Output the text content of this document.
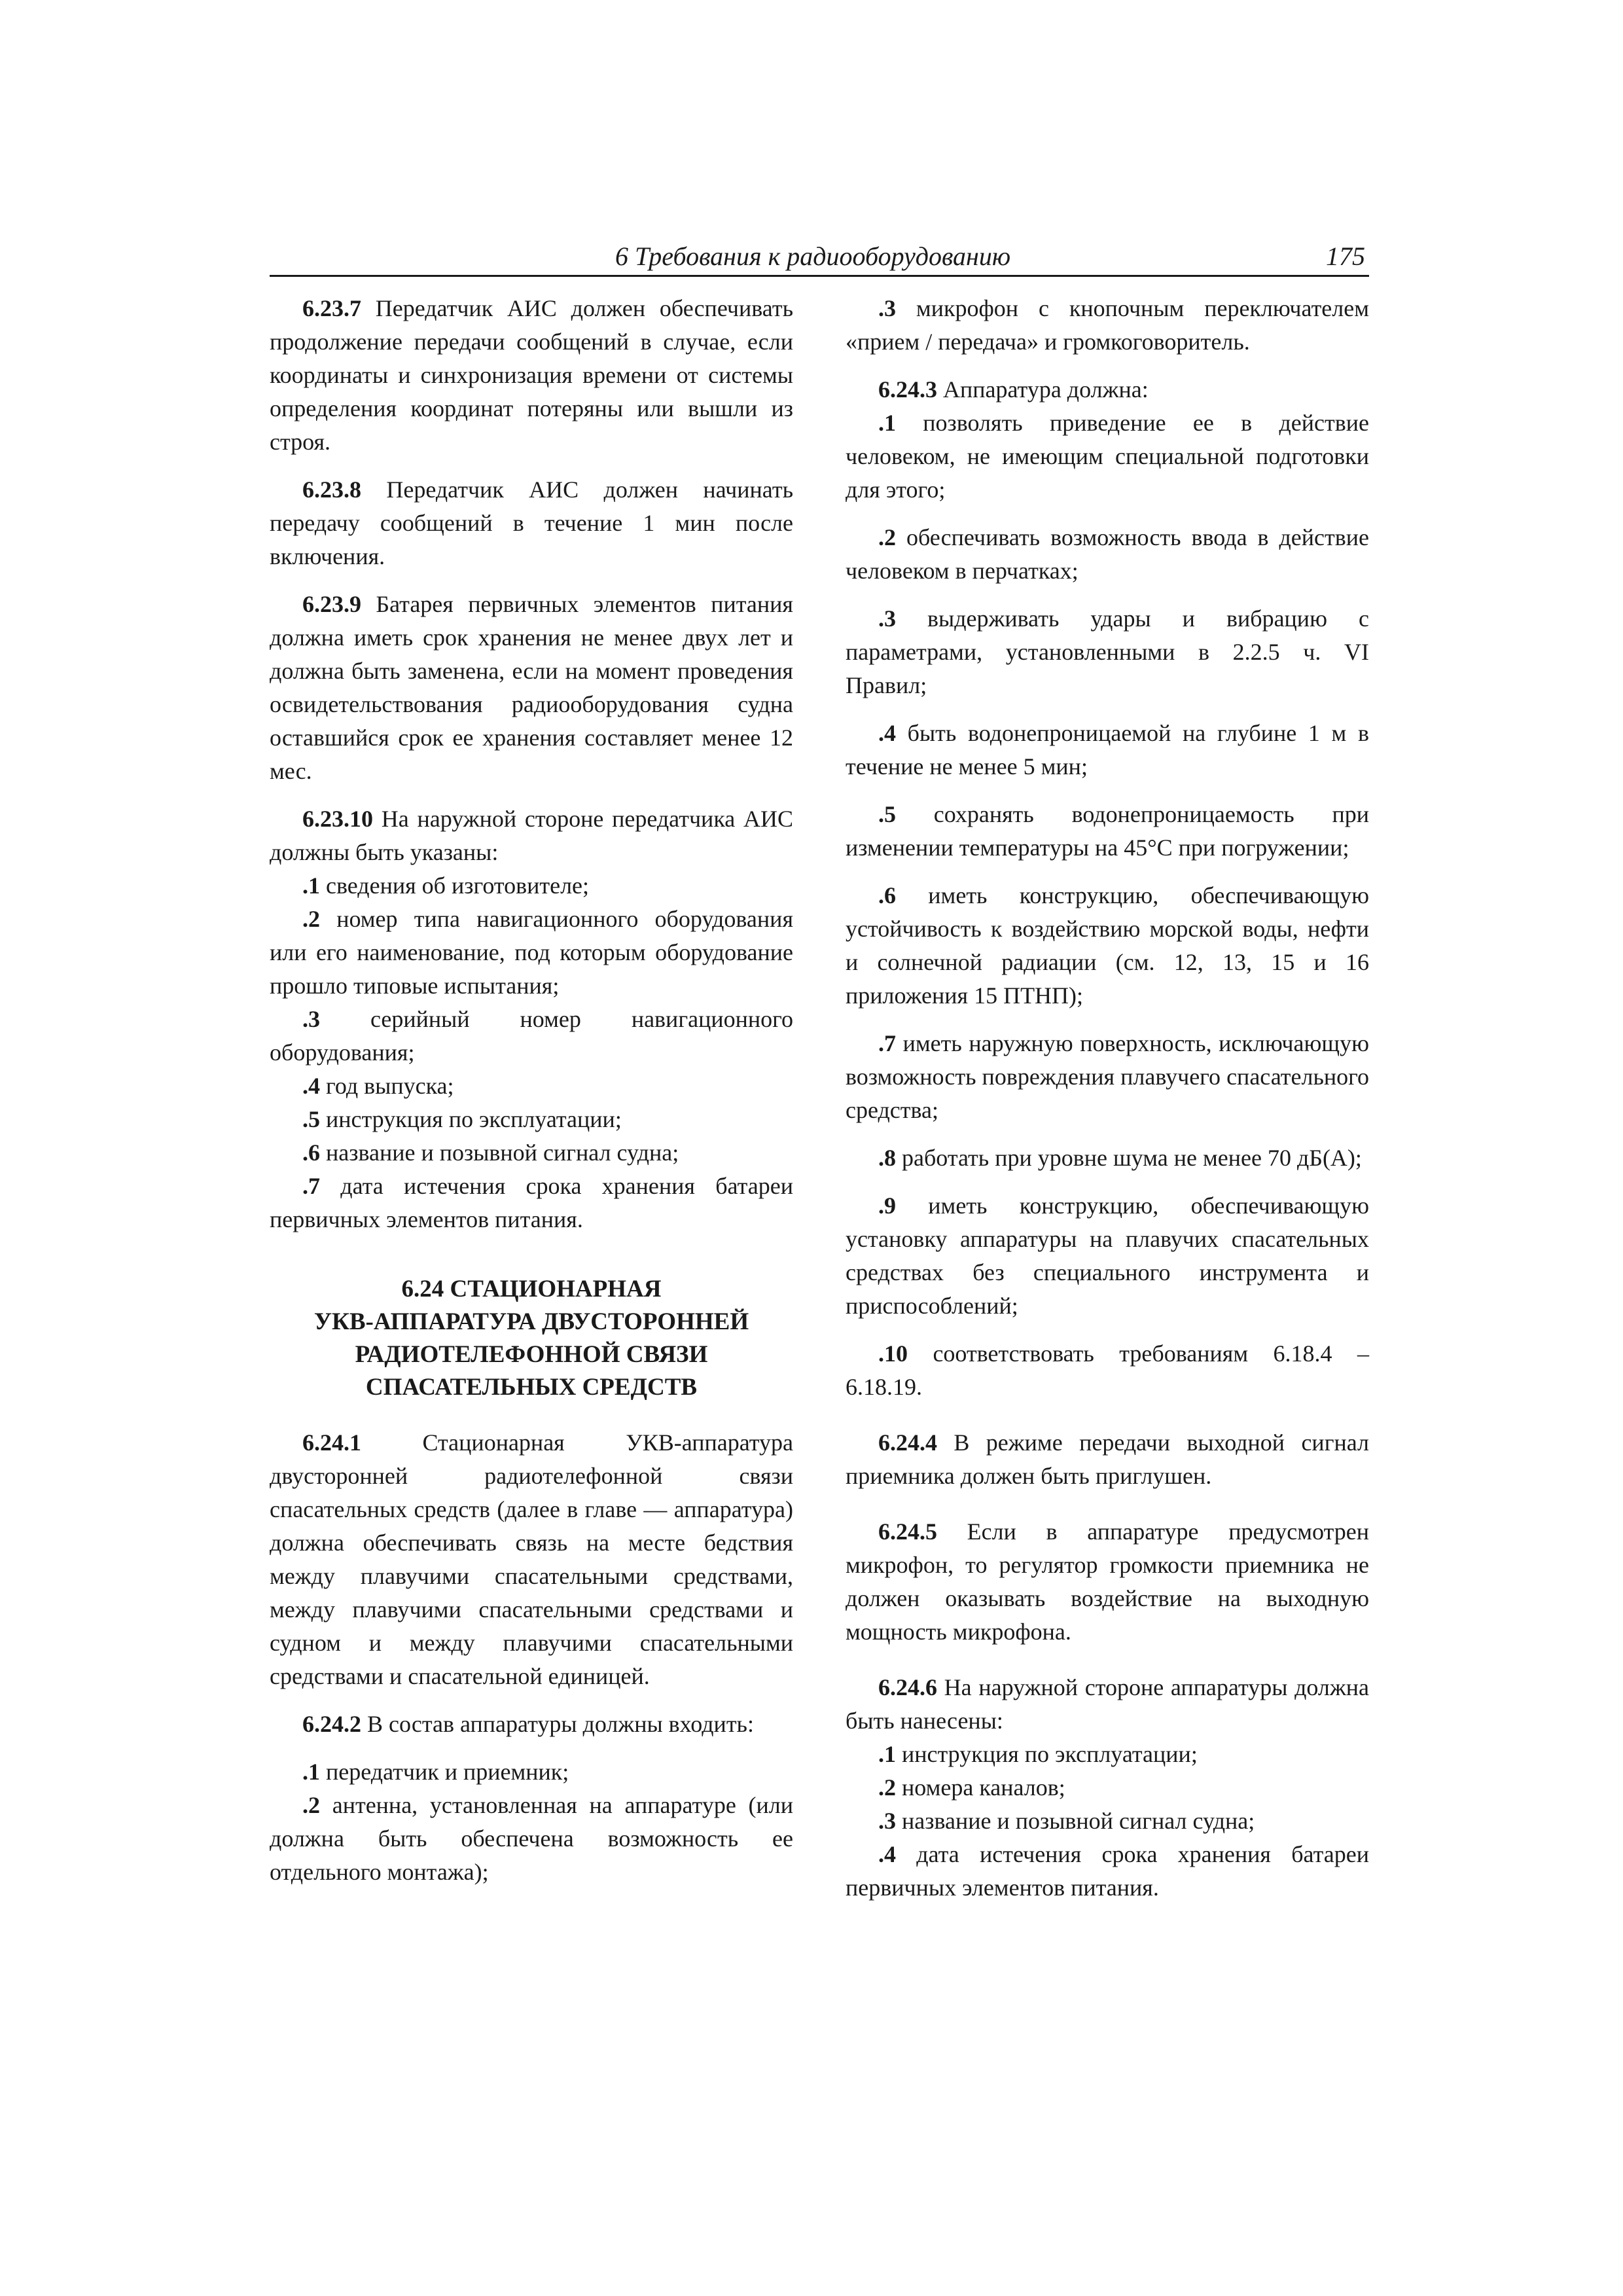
6 Требования к радиооборудованию	175

6.23.7 Передатчик АИС должен обеспечивать продолжение передачи сообщений в случае, если координаты и синхронизация времени от системы определения координат потеряны или вышли из строя.

6.23.8 Передатчик АИС должен начинать передачу сообщений в течение 1 мин после включения.

6.23.9 Батарея первичных элементов питания должна иметь срок хранения не менее двух лет и должна быть заменена, если на момент проведения освидетельствования радиооборудования судна оставшийся срок ее хранения составляет менее 12 мес.

6.23.10 На наружной стороне передатчика АИС должны быть указаны:

.1 сведения об изготовителе;

.2 номер типа навигационного оборудования или его наименование, под которым оборудование прошло типовые испытания;

.3 серийный номер навигационного оборудования;

.4 год выпуска;

.5 инструкция по эксплуатации;

.6 название и позывной сигнал судна;

.7 дата истечения срока хранения батареи первичных элементов питания.

6.24 СТАЦИОНАРНАЯ
УКВ-АППАРАТУРА ДВУСТОРОННЕЙ
РАДИОТЕЛЕФОННОЙ СВЯЗИ
СПАСАТЕЛЬНЫХ СРЕДСТВ

6.24.1 Стационарная УКВ-аппаратура двусторонней радиотелефонной связи спасательных средств (далее в главе — аппаратура) должна обеспечивать связь на месте бедствия между плавучими спасательными средствами, между плавучими спасательными средствами и судном и между плавучими спасательными средствами и спасательной единицей.

6.24.2 В состав аппаратуры должны входить:

.1 передатчик и приемник;

.2 антенна, установленная на аппаратуре (или должна быть обеспечена возможность ее отдельного монтажа);

.3 микрофон с кнопочным переключателем «прием / передача» и громкоговоритель.

6.24.3 Аппаратура должна:

.1 позволять приведение ее в действие человеком, не имеющим специальной подготовки для этого;

.2 обеспечивать возможность ввода в действие человеком в перчатках;

.3 выдерживать удары и вибрацию с параметрами, установленными в 2.2.5 ч. VI Правил;

.4 быть водонепроницаемой на глубине 1 м в течение не менее 5 мин;

.5 сохранять водонепроницаемость при изменении температуры на 45°С при погружении;

.6 иметь конструкцию, обеспечивающую устойчивость к воздействию морской воды, нефти и солнечной радиации (см. 12, 13, 15 и 16 приложения 15 ПТНП);

.7 иметь наружную поверхность, исключающую возможность повреждения плавучего спасательного средства;

.8 работать при уровне шума не менее 70 дБ(А);

.9 иметь конструкцию, обеспечивающую установку аппаратуры на плавучих спасательных средствах без специального инструмента и приспособлений;

.10 соответствовать требованиям 6.18.4 – 6.18.19.

6.24.4 В режиме передачи выходной сигнал приемника должен быть приглушен.

6.24.5 Если в аппаратуре предусмотрен микрофон, то регулятор громкости приемника не должен оказывать воздействие на выходную мощность микрофона.

6.24.6 На наружной стороне аппаратуры должна быть нанесены:

.1 инструкция по эксплуатации;

.2 номера каналов;

.3 название и позывной сигнал судна;

.4 дата истечения срока хранения батареи первичных элементов питания.
